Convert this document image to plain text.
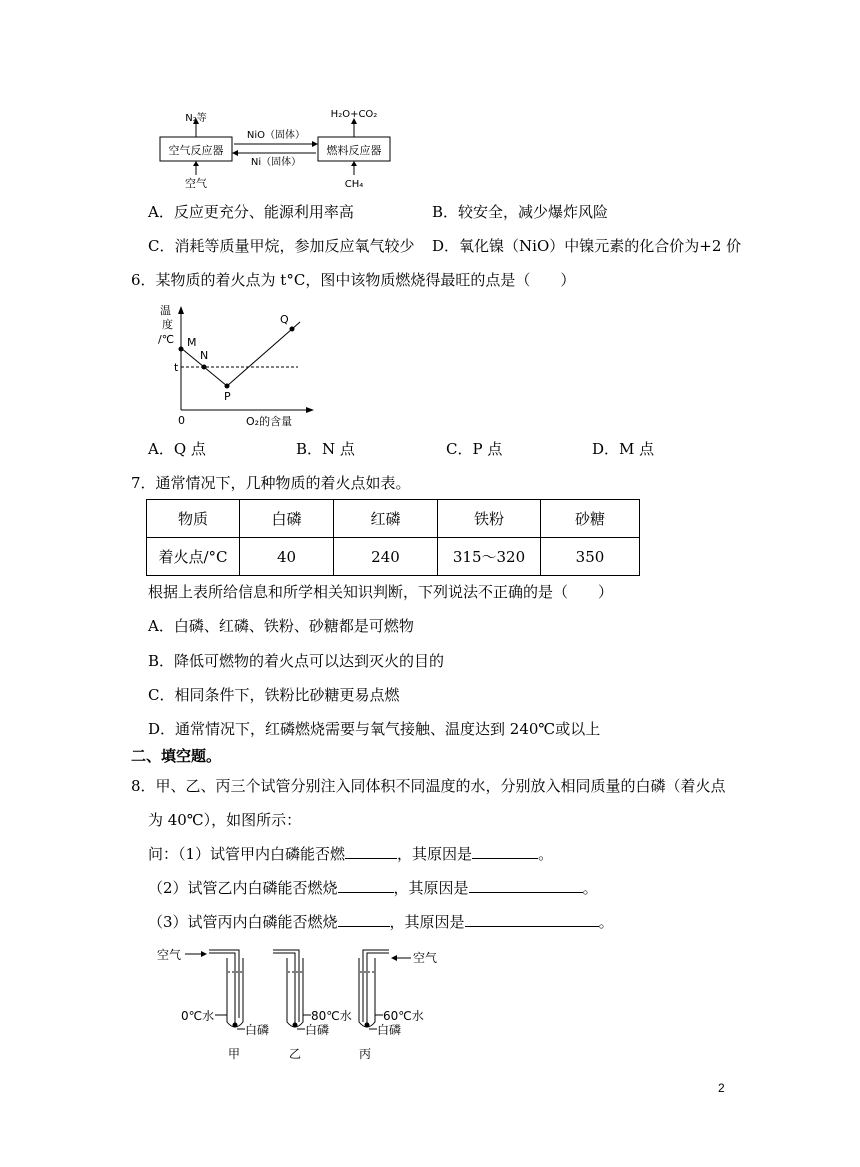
空气反应器	燃料反应器
N₂等	H₂O+CO₂
空气	CH₄
NiO（固体）
Ni（固体）
A．反应更充分、能源利用率高	B．较安全，减少爆炸风险
C．消耗等质量甲烷，参加反应氧气较少 D．氧化镍（NiO）中镍元素的化合价为+2 价
6．某物质的着火点为 t°C，图中该物质燃烧得最旺的点是（　　）
温
度
/℃
0	O₂的含量
t
M
N
P
Q
A．Q 点	B．N 点	C．P 点	D．M 点
7．通常情况下，几种物质的着火点如表。
物质	白磷	红磷	铁粉	砂糖
着火点/°C	40	240	315～320	350
根据上表所给信息和所学相关知识判断，下列说法不正确的是（　　）
A．白磷、红磷、铁粉、砂糖都是可燃物
B．降低可燃物的着火点可以达到灭火的目的
C．相同条件下，铁粉比砂糖更易点燃
D．通常情况下，红磷燃烧需要与氧气接触、温度达到 240℃或以上
二、填空题。
8．甲、乙、丙三个试管分别注入同体积不同温度的水，分别放入相同质量的白磷（着火点
为 40℃），如图所示：
问：（1）试管甲内白磷能否燃	，其原因是	。
（2）试管乙内白磷能否燃烧	，其原因是	。
（3）试管丙内白磷能否燃烧	，其原因是	。
空气
0℃水
白磷
甲
80℃水
白磷
乙
60℃水
白磷
丙
空气
2
